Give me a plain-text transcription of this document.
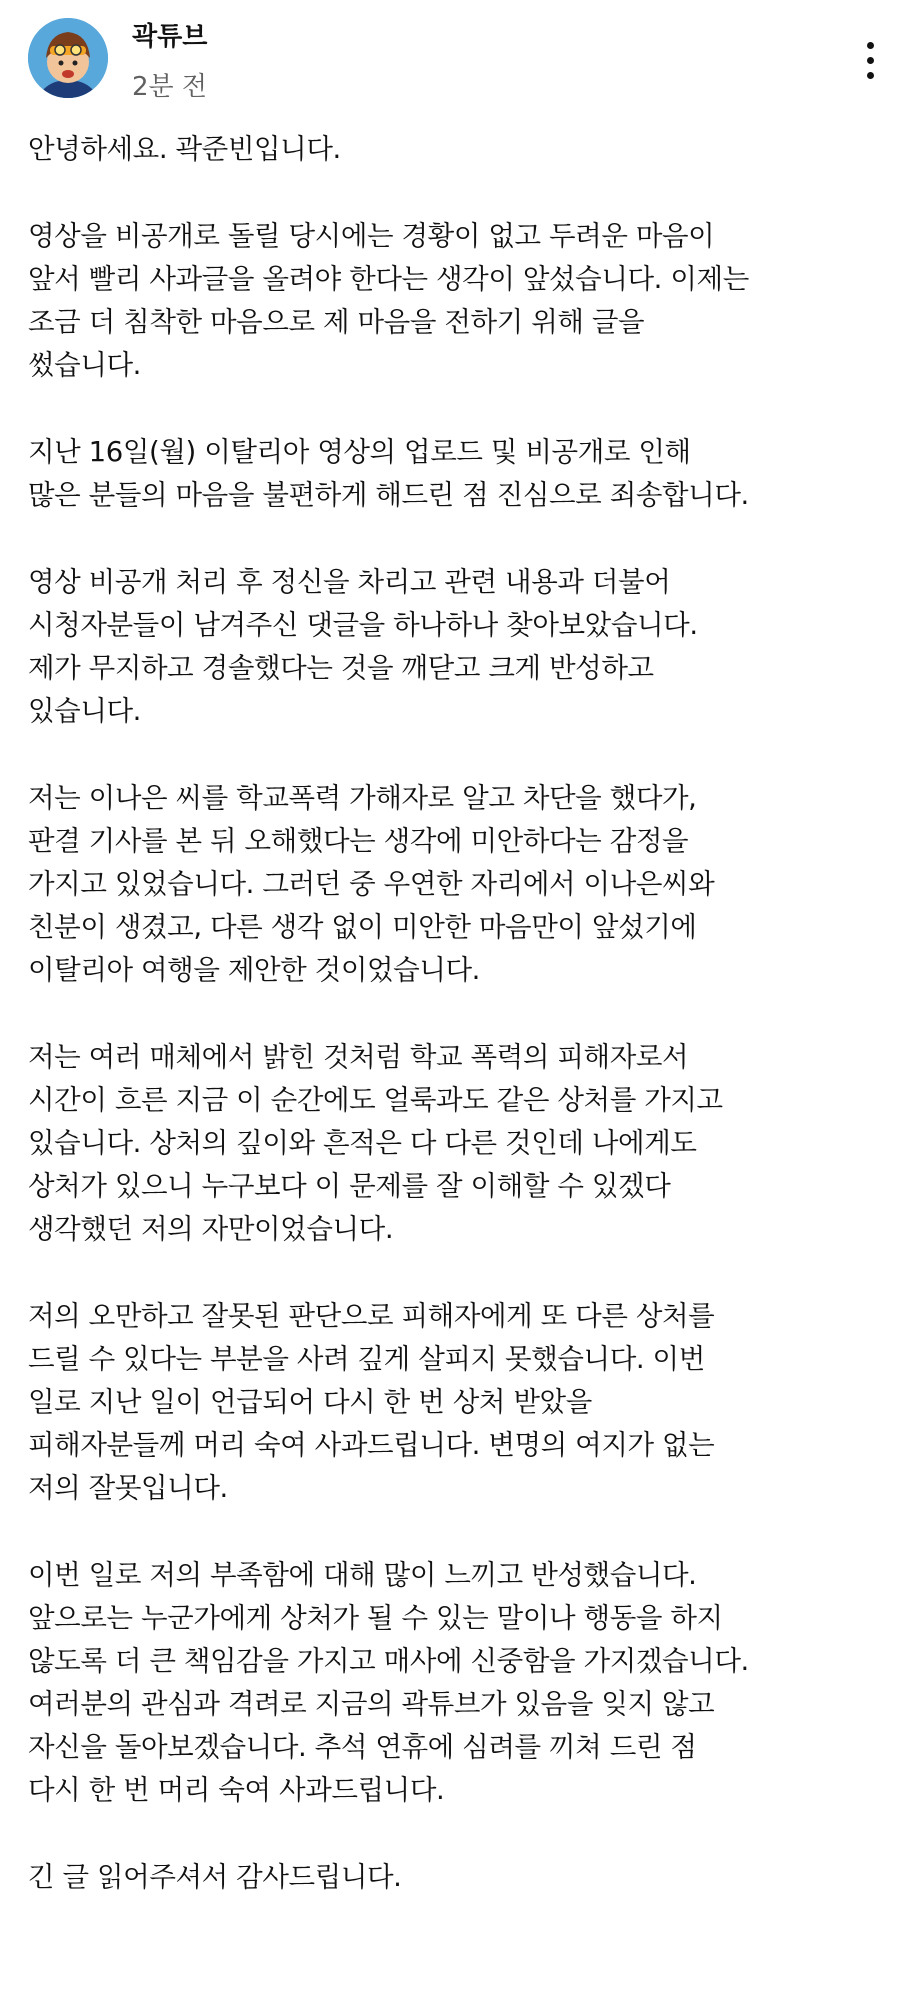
곽튜브
2분 전

안녕하세요. 곽준빈입니다.

영상을 비공개로 돌릴 당시에는 경황이 없고 두려운 마음이
앞서 빨리 사과글을 올려야 한다는 생각이 앞섰습니다. 이제는
조금 더 침착한 마음으로 제 마음을 전하기 위해 글을
썼습니다.

지난 16일(월) 이탈리아 영상의 업로드 및 비공개로 인해
많은 분들의 마음을 불편하게 해드린 점 진심으로 죄송합니다.

영상 비공개 처리 후 정신을 차리고 관련 내용과 더불어
시청자분들이 남겨주신 댓글을 하나하나 찾아보았습니다.
제가 무지하고 경솔했다는 것을 깨닫고 크게 반성하고
있습니다.

저는 이나은 씨를 학교폭력 가해자로 알고 차단을 했다가,
판결 기사를 본 뒤 오해했다는 생각에 미안하다는 감정을
가지고 있었습니다. 그러던 중 우연한 자리에서 이나은씨와
친분이 생겼고, 다른 생각 없이 미안한 마음만이 앞섰기에
이탈리아 여행을 제안한 것이었습니다.

저는 여러 매체에서 밝힌 것처럼 학교 폭력의 피해자로서
시간이 흐른 지금 이 순간에도 얼룩과도 같은 상처를 가지고
있습니다. 상처의 깊이와 흔적은 다 다른 것인데 나에게도
상처가 있으니 누구보다 이 문제를 잘 이해할 수 있겠다
생각했던 저의 자만이었습니다.

저의 오만하고 잘못된 판단으로 피해자에게 또 다른 상처를
드릴 수 있다는 부분을 사려 깊게 살피지 못했습니다. 이번
일로 지난 일이 언급되어 다시 한 번 상처 받았을
피해자분들께 머리 숙여 사과드립니다. 변명의 여지가 없는
저의 잘못입니다.

이번 일로 저의 부족함에 대해 많이 느끼고 반성했습니다.
앞으로는 누군가에게 상처가 될 수 있는 말이나 행동을 하지
않도록 더 큰 책임감을 가지고 매사에 신중함을 가지겠습니다.
여러분의 관심과 격려로 지금의 곽튜브가 있음을 잊지 않고
자신을 돌아보겠습니다. 추석 연휴에 심려를 끼쳐 드린 점
다시 한 번 머리 숙여 사과드립니다.

긴 글 읽어주셔서 감사드립니다.
